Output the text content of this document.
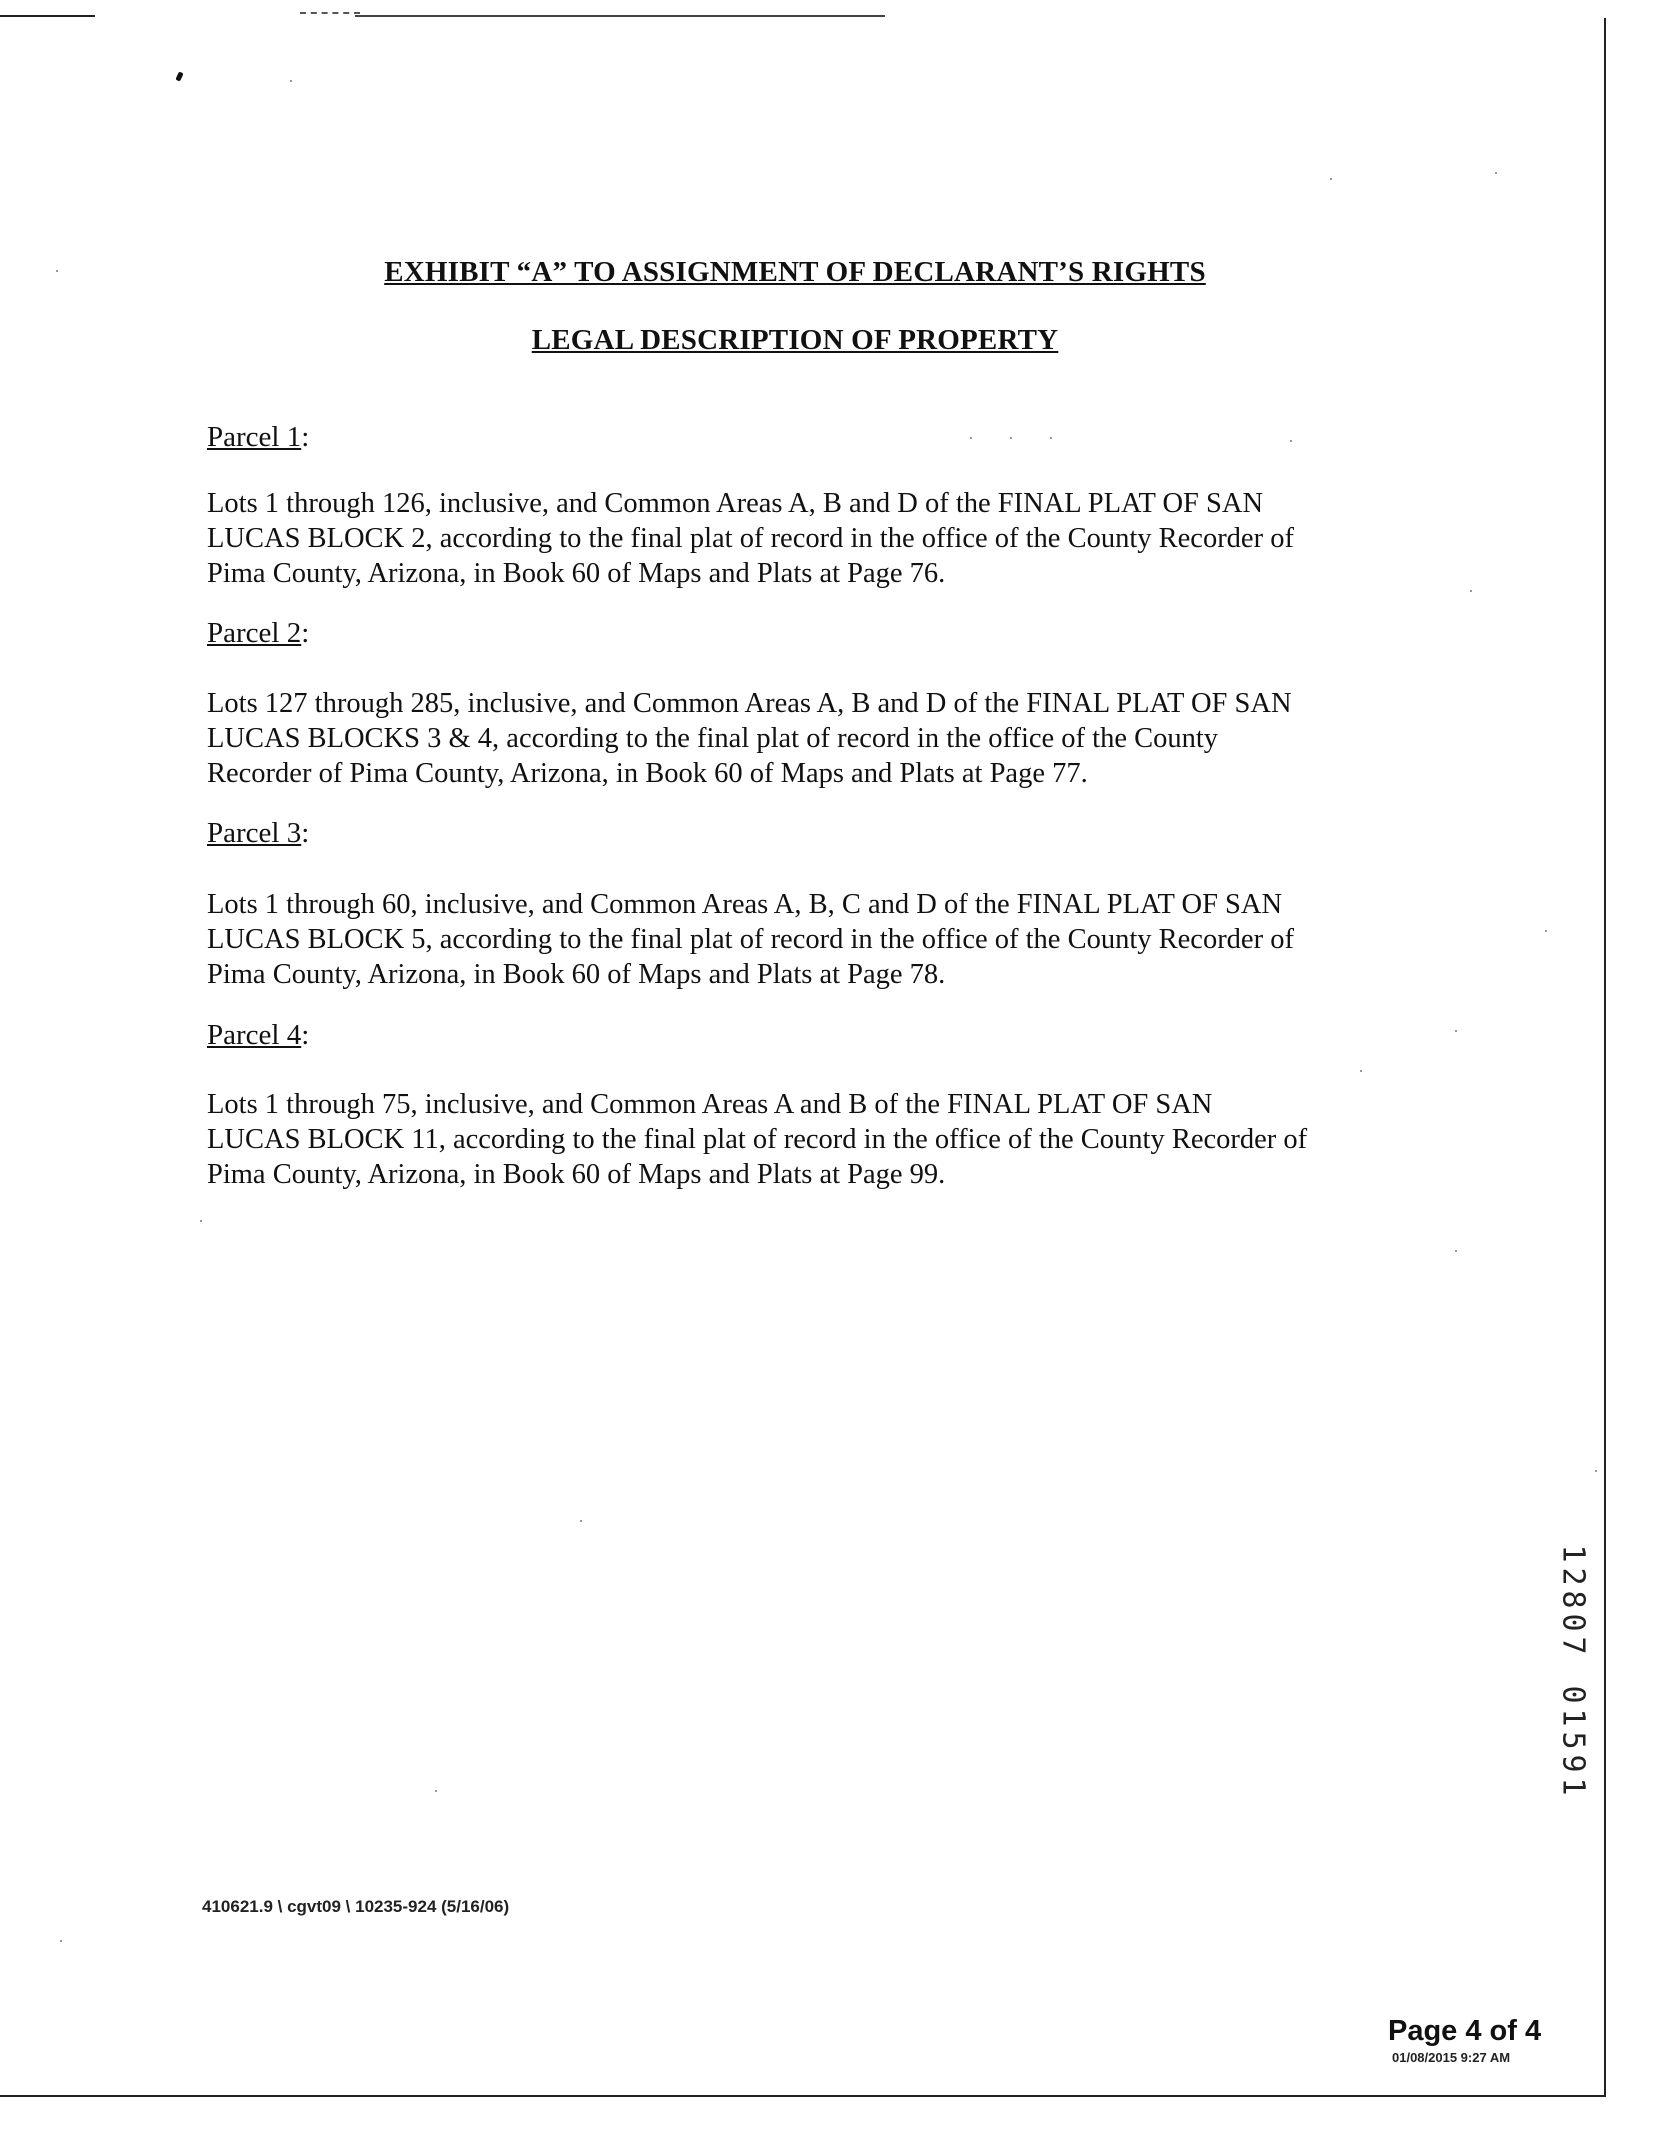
EXHIBIT “A” TO ASSIGNMENT OF DECLARANT’S RIGHTS
LEGAL DESCRIPTION OF PROPERTY

Parcel 1:

Lots 1 through 126, inclusive, and Common Areas A, B and D of the FINAL PLAT OF SAN
LUCAS BLOCK 2, according to the final plat of record in the office of the County Recorder of
Pima County, Arizona, in Book 60 of Maps and Plats at Page 76.

Parcel 2:

Lots 127 through 285, inclusive, and Common Areas A, B and D of the FINAL PLAT OF SAN
LUCAS BLOCKS 3 & 4, according to the final plat of record in the office of the County
Recorder of Pima County, Arizona, in Book 60 of Maps and Plats at Page 77.

Parcel 3:

Lots 1 through 60, inclusive, and Common Areas A, B, C and D of the FINAL PLAT OF SAN
LUCAS BLOCK 5, according to the final plat of record in the office of the County Recorder of
Pima County, Arizona, in Book 60 of Maps and Plats at Page 78.

Parcel 4:

Lots 1 through 75, inclusive, and Common Areas A and B of the FINAL PLAT OF SAN
LUCAS BLOCK 11, according to the final plat of record in the office of the County Recorder of
Pima County, Arizona, in Book 60 of Maps and Plats at Page 99.

1
2
8
0
7
0
1
5
9
1

410621.9 \ cgvt09 \ 10235-924 (5/16/06)

Page 4 of 4

01/08/2015 9:27 AM
